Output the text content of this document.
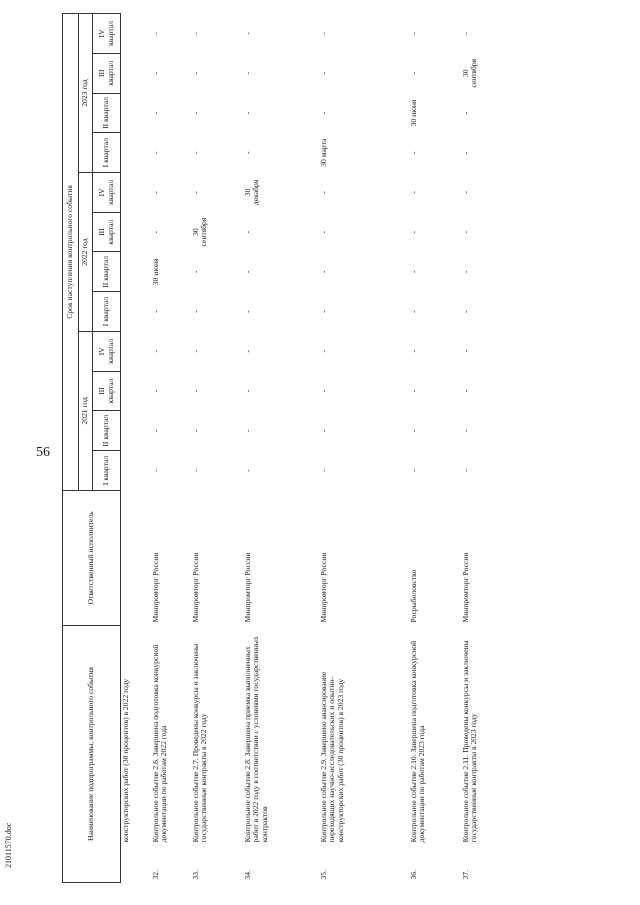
56
21011570.doc
Наименование подпрограммы, контрольного события		Ответственный исполнитель	Срок наступления контрольного события											
			2021 год				2022 год				2023 год			
			I квартал	II квартал	III квартал	IV квартал	I квартал	II квартал	III квартал	IV квартал	I квартал	II квартал	III квартал	IV квартал
	конструкторских работ (30 процентов) в 2022 году													
32.	Контрольное событие 2.6. Завершена подготовка конкурсной документации по работам 2022 года	Минпромторг России	-	-	-	-	-	30 июня	-	-	-	-	-	-
33.	Контрольное событие 2.7. Проведены конкурсы и заключены государственные контракты в 2022 году	Минпромторг России	-	-	-	-	-	-	30 сентября	-	-	-	-	-
34.	Контрольное событие 2.8. Завершена приемка выполненных работ в 2022 году в соответствии с условиями государственных контрактов	Минпромторг России	-	-	-	-	-	-	-	30 декабря	-	-	-	-
35.	Контрольное событие 2.9. Завершено авансирование переходящих научно-исследовательских и опытно-конструкторских работ (30 процентов) в 2023 году	Минпромторг России	-	-	-	-	-	-	-	-	30 марта	-	-	-
36.	Контрольное событие 2.10. Завершена подготовка конкурсной документации по работам 2023 года	Росрыболовство	-	-	-	-	-	-	-	-	-	30 июня	-	-
37.	Контрольное событие 2.11. Проведены конкурсы и заключены государственные контракты в 2023 году	Минпромторг России	-	-	-	-	-	-	-	-	-	-	30 сентября	-
